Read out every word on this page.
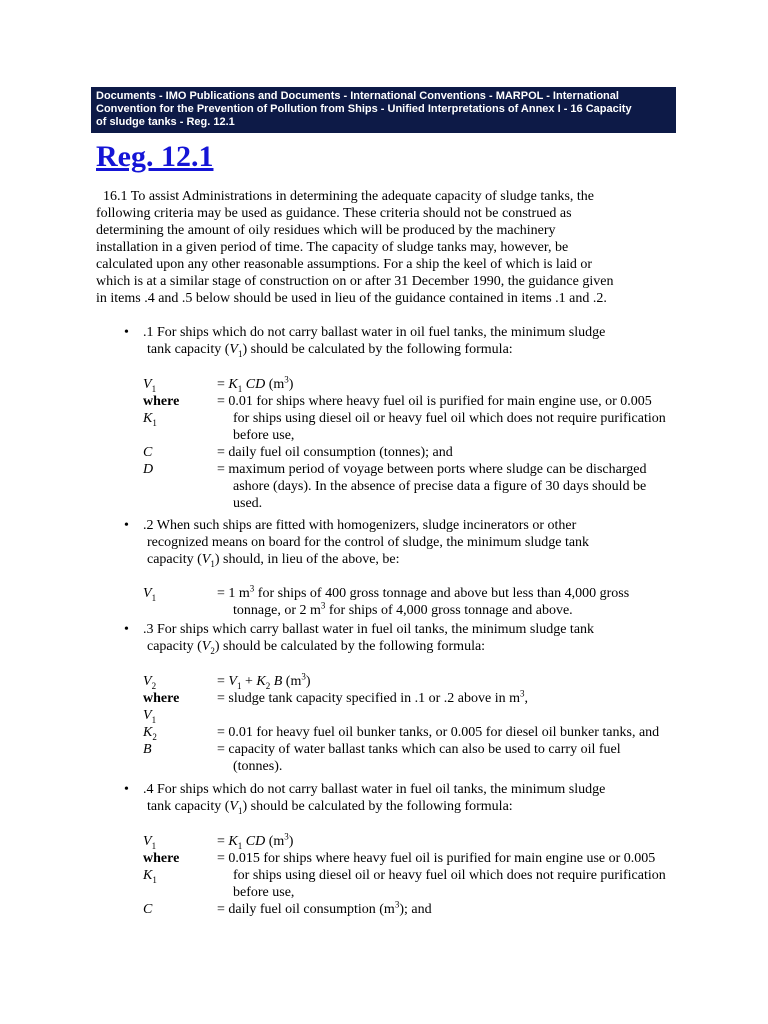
Documents - IMO Publications and Documents - International Conventions - MARPOL - International
Convention for the Prevention of Pollution from Ships - Unified Interpretations of Annex I - 16 Capacity
of sludge tanks - Reg. 12.1
Reg. 12.1
16.1 To assist Administrations in determining the adequate capacity of sludge tanks, the
following criteria may be used as guidance. These criteria should not be construed as
determining the amount of oily residues which will be produced by the machinery
installation in a given period of time. The capacity of sludge tanks may, however, be
calculated upon any other reasonable assumptions. For a ship the keel of which is laid or
which is at a similar stage of construction on or after 31 December 1990, the guidance given
in items .4 and .5 below should be used in lieu of the guidance contained in items .1 and .2.
• .1 For ships which do not carry ballast water in oil fuel tanks, the minimum sludge
tank capacity $(V_1)$ should be calculated by the following formula:
$V_1$	= $K_1$ CD $(m^3)$
where	= 0.01 for ships where heavy fuel oil is purified for main engine use, or 0.005
$K_1$	for ships using diesel oil or heavy fuel oil which does not require purification
before use,
C	= daily fuel oil consumption (tonnes); and
D	= maximum period of voyage between ports where sludge can be discharged
ashore (days). In the absence of precise data a figure of 30 days should be
used.
• .2 When such ships are fitted with homogenizers, sludge incinerators or other
recognized means on board for the control of sludge, the minimum sludge tank
capacity $(V_1)$ should, in lieu of the above, be:
$V_1$	= 1 $m^3$ for ships of 400 gross tonnage and above but less than 4,000 gross
tonnage, or 2 $m^3$ for ships of 4,000 gross tonnage and above.
• .3 For ships which carry ballast water in fuel oil tanks, the minimum sludge tank
capacity $(V_2)$ should be calculated by the following formula:
$V_2$	= $V_1 + K_2$ B $(m^3)$
where	= sludge tank capacity specified in .1 or .2 above in $m^3$,
$V_1$
$K_2$	= 0.01 for heavy fuel oil bunker tanks, or 0.005 for diesel oil bunker tanks, and
B	= capacity of water ballast tanks which can also be used to carry oil fuel
(tonnes).
• .4 For ships which do not carry ballast water in fuel oil tanks, the minimum sludge
tank capacity $(V_1)$ should be calculated by the following formula:
$V_1$	= $K_1$ CD $(m^3)$
where	= 0.015 for ships where heavy fuel oil is purified for main engine use or 0.005
$K_1$	for ships using diesel oil or heavy fuel oil which does not require purification
before use,
C	= daily fuel oil consumption $(m^3)$; and
